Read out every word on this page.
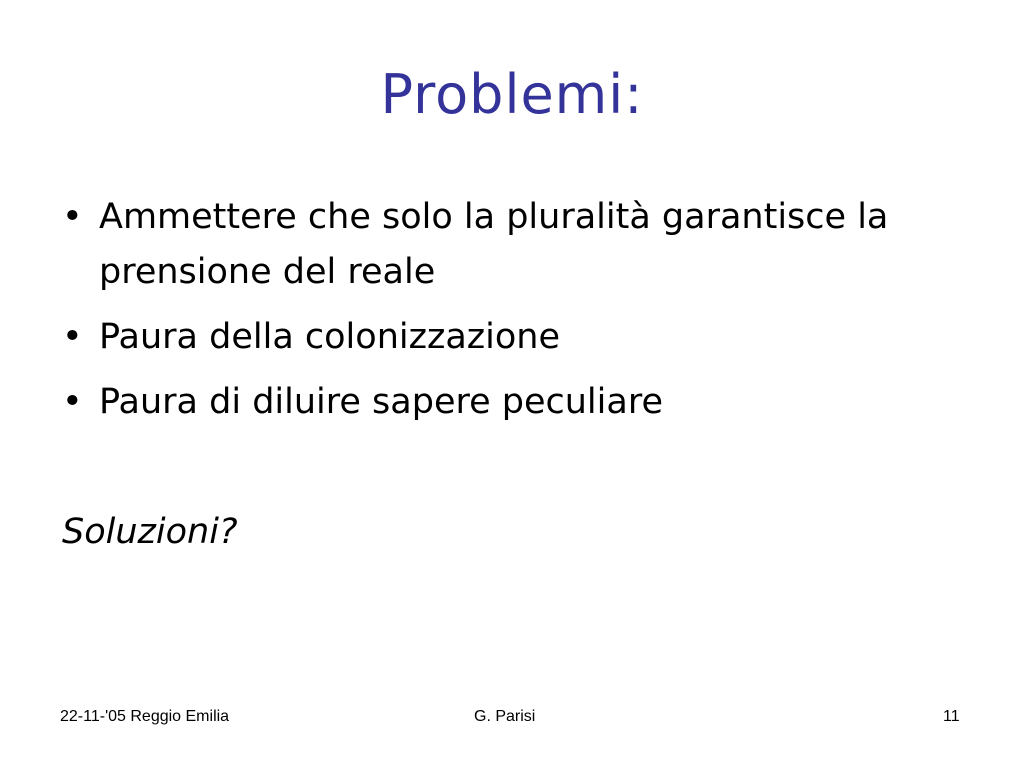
Problemi:
• Ammettere che solo la pluralità garantisce la prensione del reale
• Paura della colonizzazione
• Paura di diluire sapere peculiare
Soluzioni?
22-11-'05 Reggio Emilia	G. Parisi	11
